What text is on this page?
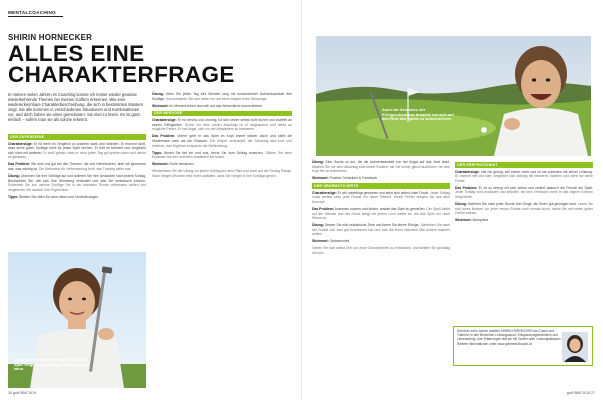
MENTALCOACHING
SHIRIN HORNECKER
ALLES EINE
CHARAKTERFRAGE
In meinen vielen Jahren im Coaching konnte ich immer wieder gewisse wiederkehrende Themen bei meinen Golfern erkennen. Wie eine wiedererkennbare Charakterbeschreibung, die sich in bestimmten Mustern zeigt. Sie alle kommen in verschiedenen Situationen und Kombinationen vor, und doch haben sie eines gemeinsam: Sie sind zu lösen. Es ist ganz einfach – sofern man sie als solche erkennt.
DER ZUFRIEDENE

Charakterzüge: Er ist mehr im Vergleich zu anderen stark und motiviert. Er erkennt nicht, dass seine guten Schläge nicht für jedes Spiel reichen. Er lebt im Moment und vergleicht sich nicht mit anderen. Er weiß genau, dass er nicht jeden Tag gut spielen kann und nimmt es gelassen.

Das Problem: Wir sind uns gut bei den Themen, die uns interessieren, aber wir ignorieren das, was wichtig ist. Die Motivation für Verbesserung fehlt, das Training bleibt aus.

Übung: Zeichnen Sie Ihre Schläge auf und notieren Sie Ihre Gedanken nach jedem Schlag. Beobachten Sie, wie sich Ihre Stimmung verändert und was Sie verbessern können. Schreiben Sie auf, welche Schläge Sie in der nächsten Runde verbessern wollen und vergleichen Sie danach Ihre Ergebnisse.

Tipps: Bleiben Sie offen für neue Ideen und Veränderungen.

Übung: Üben Sie jeden Tag fünf Minuten lang mit konzentrierter Aufmerksamkeit Ihre Schläge. Konzentrieren Sie sich dabei nur auf einen Aspekt Ihres Schwungs.

Stichwort: Im Moment leben und sich auf das Wesentliche konzentrieren.

DER NERVÖSE

Charakterzüge: Er ist nervös und unruhig, ist sich seiner selbst nicht sicher und zweifelt an seinen Fähigkeiten. Schon vor dem ersten Abschlag ist er angespannt und denkt an mögliche Fehler. Er hat Angst, sich vor den Mitspielern zu blamieren.

Das Problem: Vorher geht er das Spiel im Kopf immer wieder durch und sieht die Hindernisse mehr als die Chancen. Der Körper verkrampft, der Schwung wird kurz und hektisch, das Ergebnis entspricht der Befürchtung.

Tipps: Atmen Sie tief ein und aus, bevor Sie zum Schlag ansetzen. Zählen Sie beim Einatmen bis vier und beim Ausatmen bis sechs.

Stichwort: Ruhe bewahren.

Wiederholen Sie die Übung vor jedem Schlag auf dem Platz und auch auf der Driving Range. Nach einigen Wochen wird Ihnen auffallen, dass Sie ruhiger in Ihre Schläge gehen.

Ein typischer Charakterzug, der sich im Spiel zeigt und im Alltag erkannt werden kann.
34 golf! BMI 2019
Auch ein Gewinner, der Erfolgserlebnisse braucht, um sich auf den Rest des Spiels zu konzentrieren.

Übung: Eine Sache zu tun, die die Aufmerksamkeit von der Angst auf das Jetzt lenkt. Machen Sie vor dem Abschlag eine kleine Routine, die Sie immer gleich ausführen, um den Kopf frei zu bekommen.

Stichwort: Positive Gedanken & Feedback

DER ÜBERMOTIVIERTE

Charakterzüge: Er will unbedingt gewinnen und setzt sich selbst unter Druck. Jeder Schlag muss perfekt sein, jede Runde ein neuer Rekord. Kleine Fehler bringen ihn aus dem Konzept.

Das Problem: Ausreden suchen und finden, anstatt das Spiel zu genießen. Der Spaß bleibt auf der Strecke und der Druck steigt mit jedem Loch weiter an, bis das Spiel nur noch Stress ist.

Übung: Setzen Sie sich realistische Ziele und feiern Sie kleine Erfolge. Schreiben Sie nach der Runde auf, was gut funktioniert hat und was Sie beim nächsten Mal anders machen wollen.

Stichwort: Gelassenheit

Geben Sie sich selbst Zeit, um neue Gewohnheiten zu entwickeln, und bleiben Sie geduldig mit sich.

DER PERFEKTIONIST

Charakterzüge: Hat nie genug, will immer mehr und ist nie zufrieden mit seiner Leistung. Er trainiert viel und hart, vergleicht sich ständig mit besseren Spielern und sieht nur seine Fehler.

Das Problem: Er ist zu streng mit sich selbst und verliert dadurch die Freude am Spiel. Jeder Schlag wird analysiert und kritisiert, bis kein Vertrauen mehr in das eigene Können übrig bleibt.

Übung: Notieren Sie nach jeder Runde drei Dinge, die Ihnen gut gelungen sind. Lesen Sie sich diese Notizen vor jeder neuen Runde noch einmal durch, damit Sie mit einem guten Gefühl starten.

Stichwort: Akzeptanz

Seit über zehn Jahren arbeitet SHIRIN HORNECKER als Coach und Trainerin in den Bereichen Leistungssport, Entspannungstechniken und Lebenserfolg. Ihre Erfahrungen teilt sie mit Golfern aller Leistungsklassen. Weitere Informationen unter www.golfmentalcoach.at
golf! BMI 2019 27
